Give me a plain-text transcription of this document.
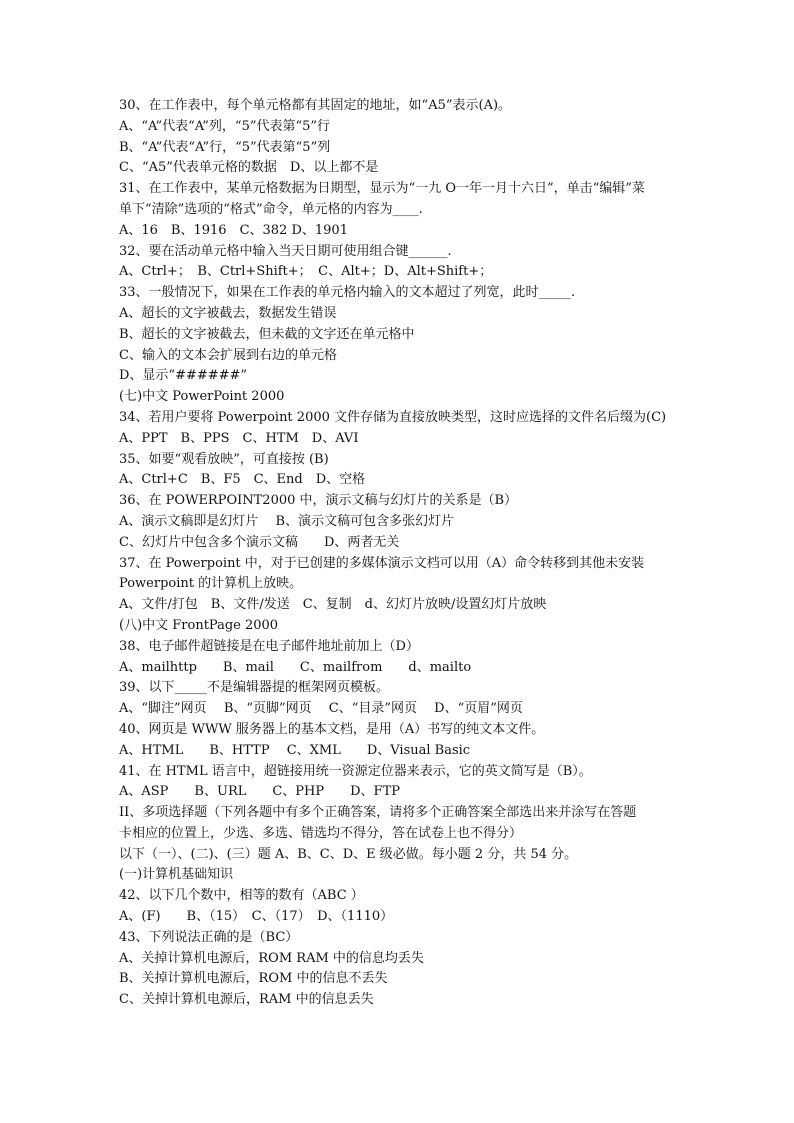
30、在工作表中，每个单元格都有其固定的地址，如“A5”表示(A)。
A、“A”代表“A”列，“5”代表第“5”行
B、“A”代表“A”行，“5”代表第“5”列
C、“A5”代表单元格的数据　D、以上都不是
31、在工作表中，某单元格数据为日期型，显示为“一九 O一年一月十六日”，单击“编辑”菜
单下“清除”选项的“格式”命令，单元格的内容为____.
A、16　B、1916　C、382 D、1901
32、要在活动单元格中输入当天日期可使用组合键______.
A、Ctrl+；　B、Ctrl+Shift+；　C、Alt+；D、Alt+Shift+；
33、一般情况下，如果在工作表的单元格内输入的文本超过了列宽，此时_____.
A、超长的文字被截去，数据发生错误
B、超长的文字被截去，但未截的文字还在单元格中
C、输入的文本会扩展到右边的单元格
D、显示“######”
(七)中文 PowerPoint 2000
34、若用户要将 Powerpoint 2000 文件存储为直接放映类型，这时应选择的文件名后缀为(C)
A、PPT　B、PPS　C、HTM　D、AVI
35、如要“观看放映”，可直接按 (B)
A、Ctrl+C　B、F5　C、End　D、空格
36、在 POWERPOINT2000 中，演示文稿与幻灯片的关系是（B）
A、演示文稿即是幻灯片　 B、演示文稿可包含多张幻灯片
C、幻灯片中包含多个演示文稿　　D、两者无关
37、在 Powerpoint 中，对于已创建的多媒体演示文档可以用（A）命令转移到其他未安装
Powerpoint 的计算机上放映。
A、文件/打包　B、文件/发送　C、复制　d、幻灯片放映/设置幻灯片放映
(八)中文 FrontPage 2000
38、电子邮件超链接是在电子邮件地址前加上（D）
A、mailhttp　　B、mail　　C、mailfrom　　d、mailto
39、以下_____不是编辑器提的框架网页模板。
A、“脚注”网页　 B、“页脚”网页　 C、“目录”网页　 D、“页眉”网页
40、网页是 WWW 服务器上的基本文档，是用（A）书写的纯文本文件。
A、HTML　　B、HTTP　 C、XML　　D、Visual Basic
41、在 HTML 语言中，超链接用统一资源定位器来表示，它的英文简写是（B）。
A、ASP　　B、URL　　C、PHP　　D、FTP
II、多项选择题（下列各题中有多个正确答案，请将多个正确答案全部选出来并涂写在答题
卡相应的位置上，少选、多选、错选均不得分，答在试卷上也不得分）
以下（一）、(二)、(三）题 A、B、C、D、E 级必做。每小题 2 分，共 54 分。
(一)计算机基础知识
42、以下几个数中，相等的数有（ABC ）
A、(F)　　B、（15）　C、（17）　D、（1110）
43、下列说法正确的是（BC）
A、关掉计算机电源后，ROM RAM 中的信息均丢失
B、关掉计算机电源后，ROM 中的信息不丢失
C、关掉计算机电源后，RAM 中的信息丢失
